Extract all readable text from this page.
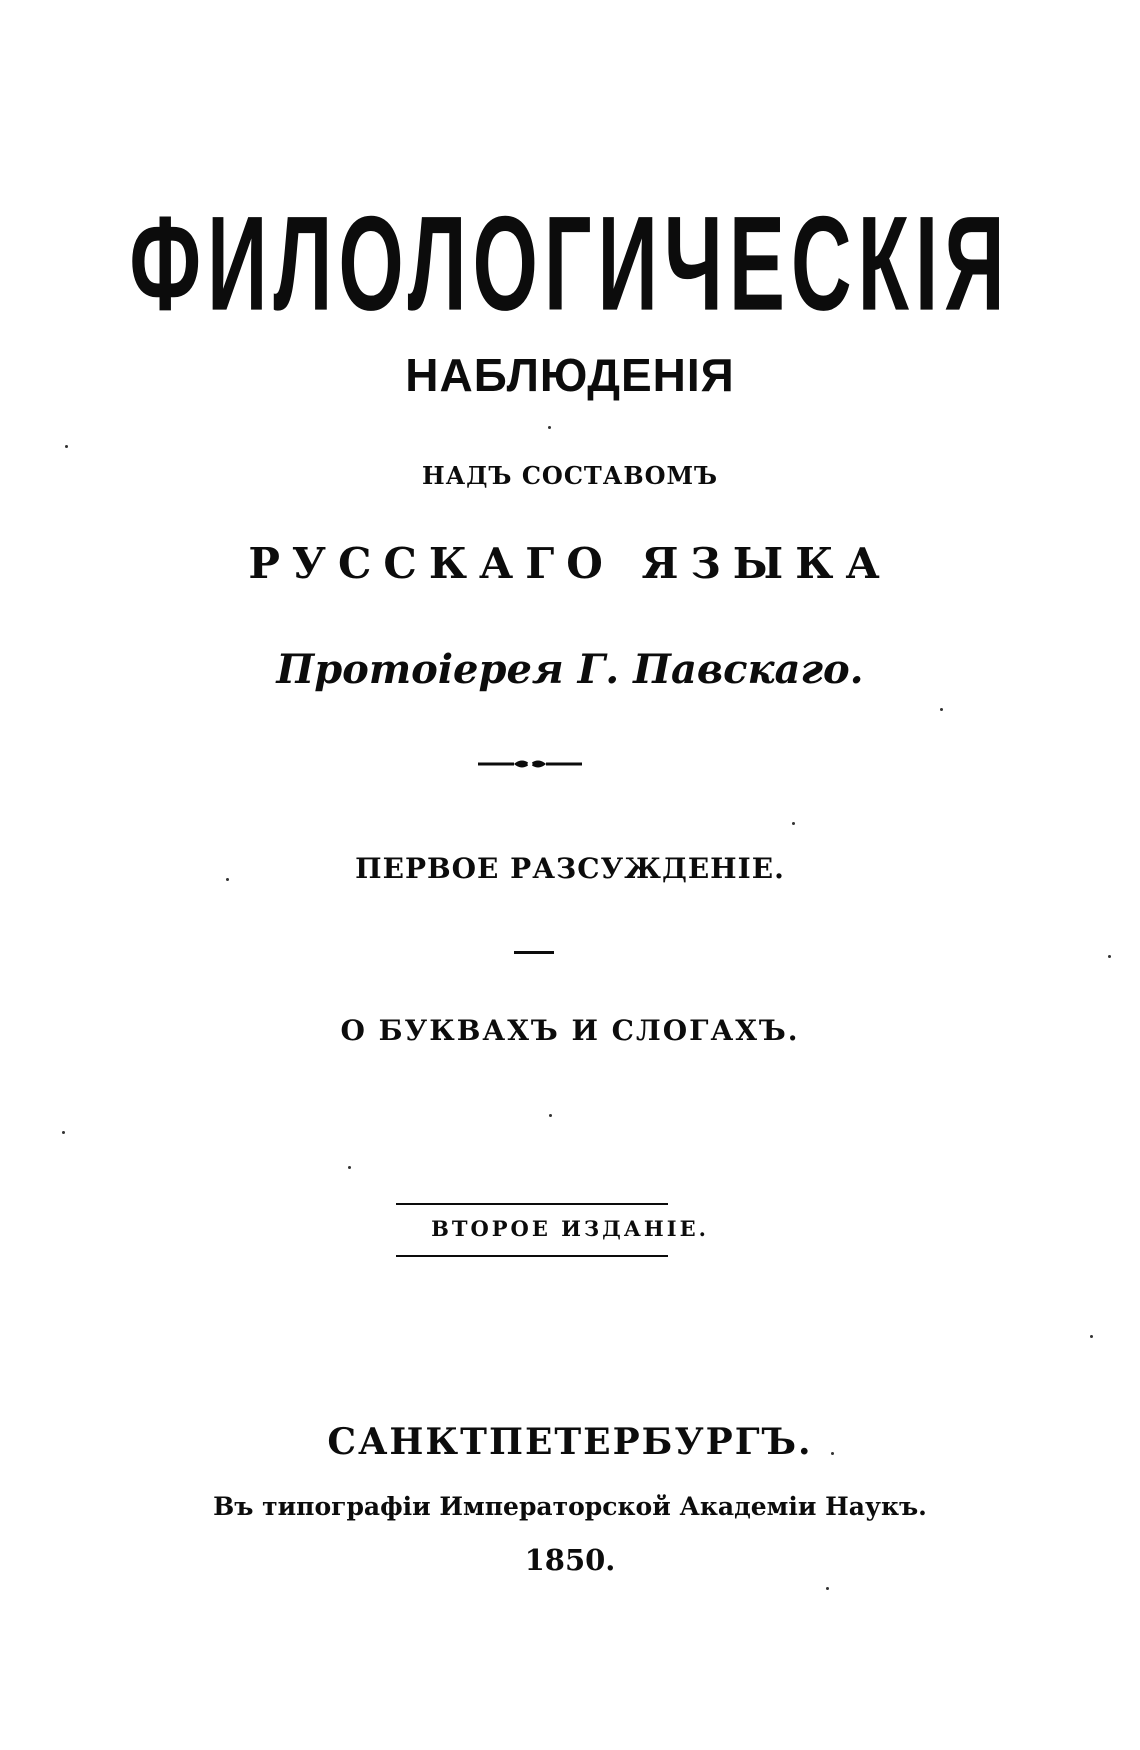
ФИЛОЛОГИЧЕСКІЯ
НАБЛЮДЕНІЯ
НАДЪ СОСТАВОМЪ
РУССКАГО ЯЗЫКА
Протоіерея Г. Павскаго.
ПЕРВОЕ РАЗСУЖДЕНІЕ.
О БУКВАХЪ И СЛОГАХЪ.
ВТОРОЕ ИЗДАНІЕ.
САНКТПЕТЕРБУРГЪ.
Въ типографіи Императорской Академіи Наукъ.
1850.
